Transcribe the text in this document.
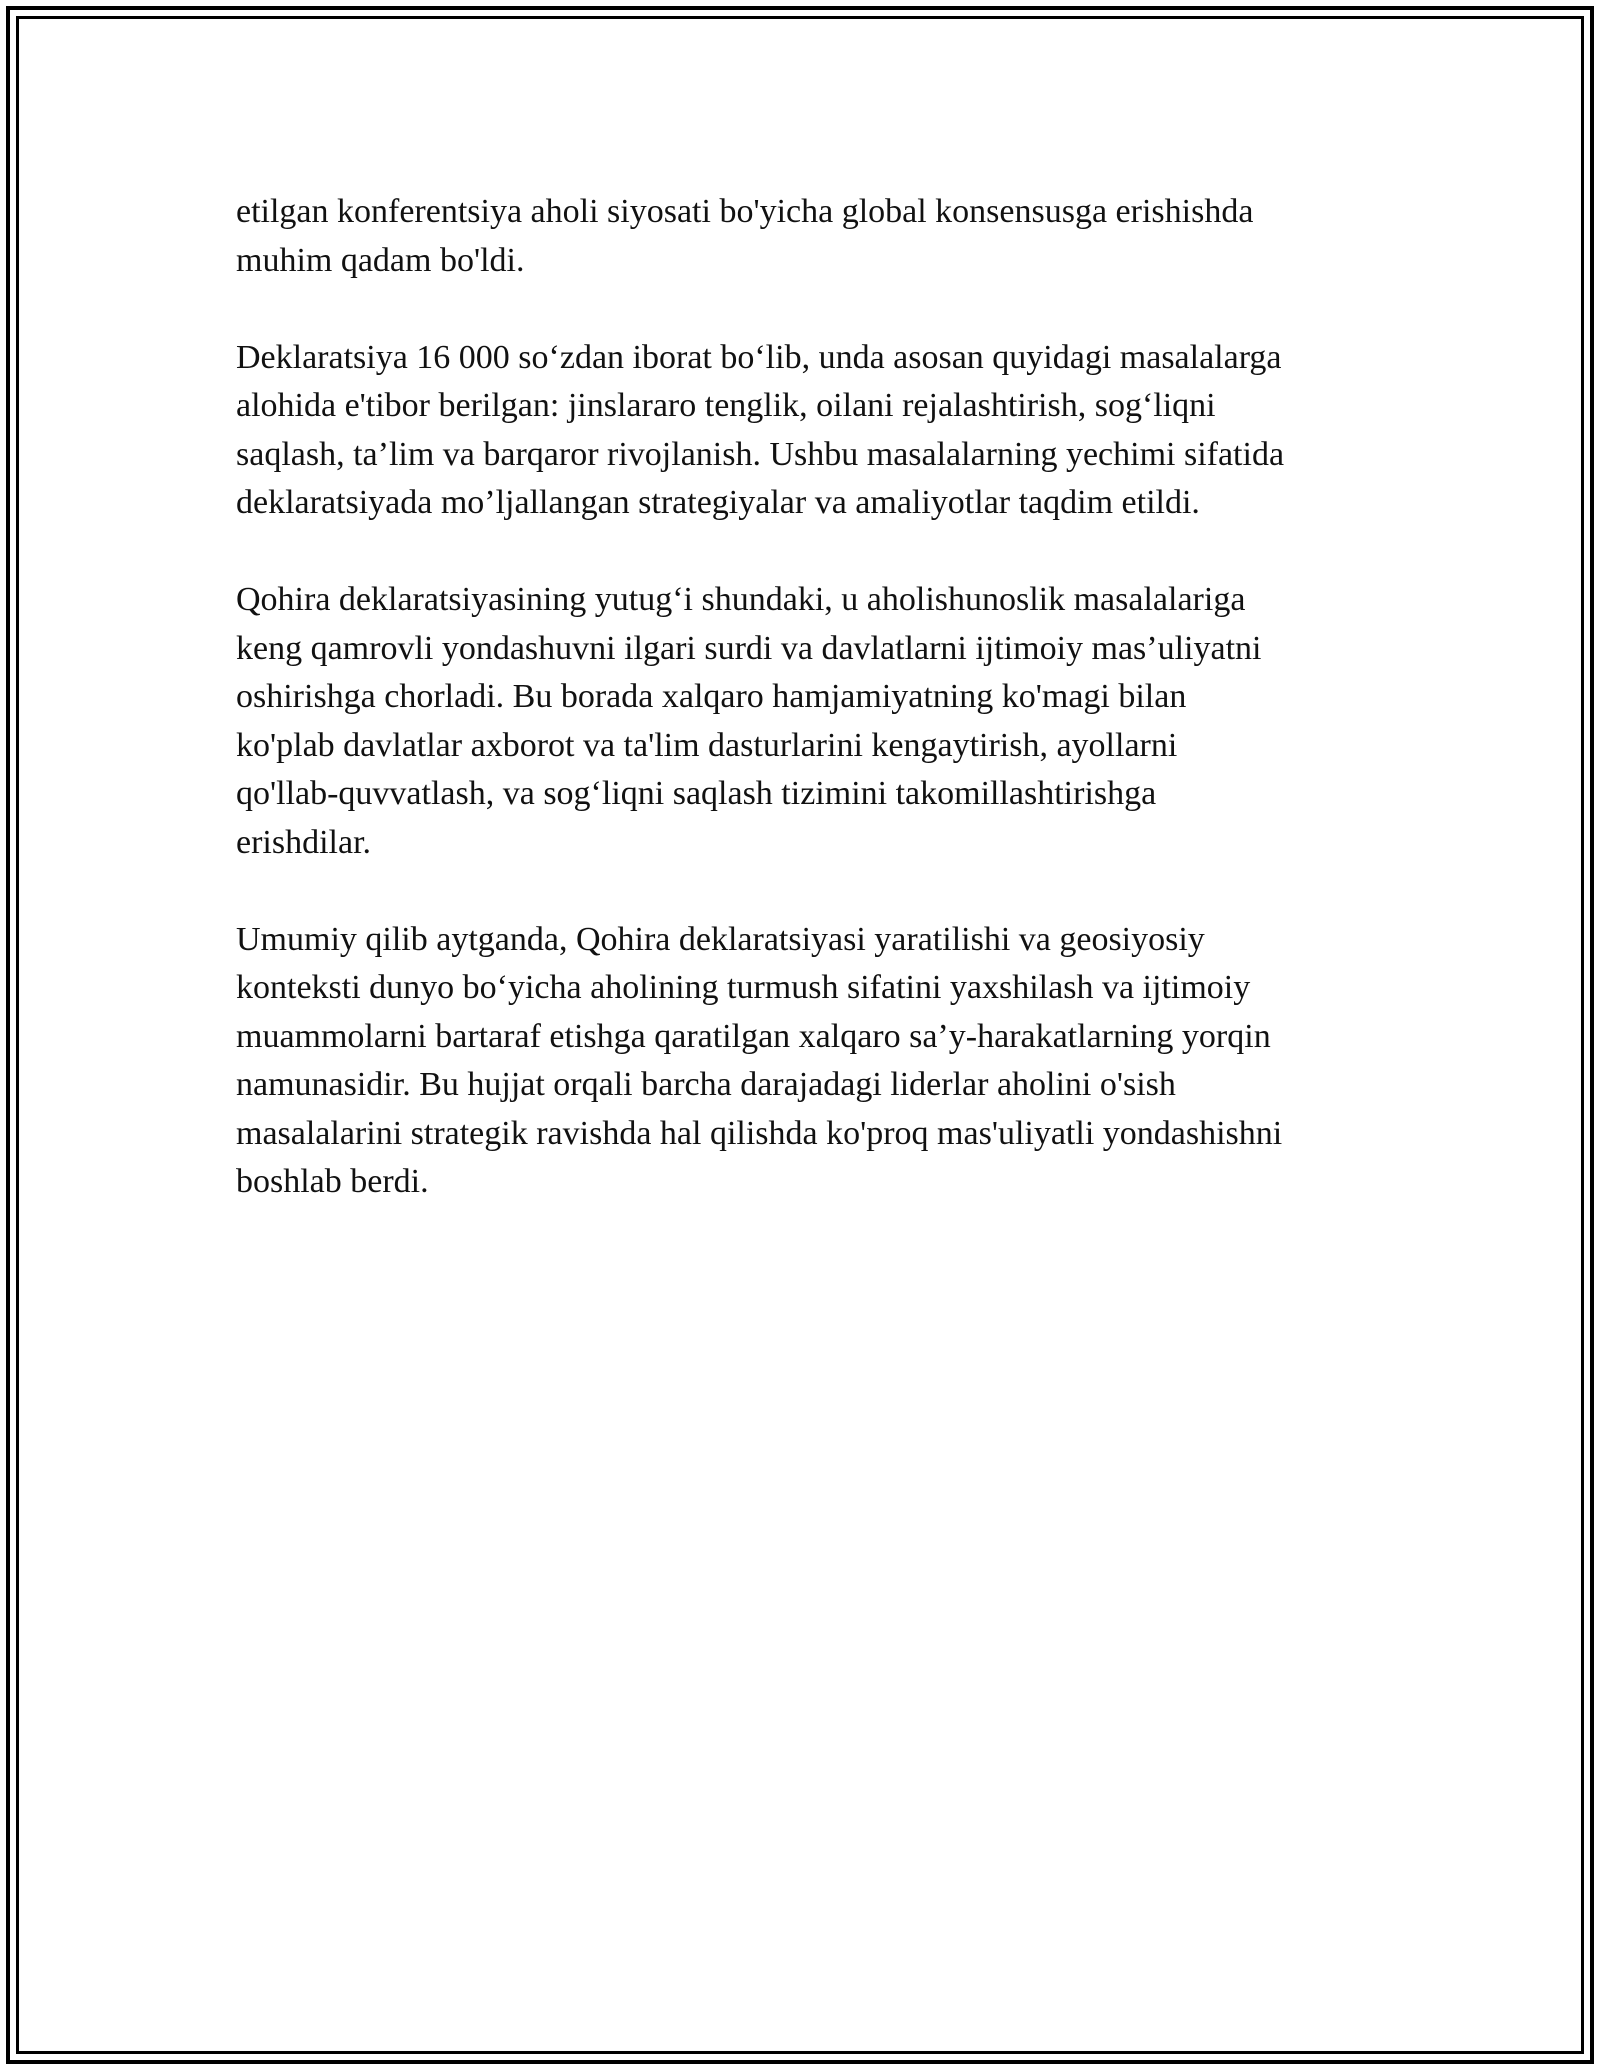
etilgan konferentsiya aholi siyosati bo'yicha global konsensusga erishishda
muhim qadam bo'ldi.

Deklaratsiya 16 000 so‘zdan iborat bo‘lib, unda asosan quyidagi masalalarga
alohida e'tibor berilgan: jinslararo tenglik, oilani rejalashtirish, sog‘liqni
saqlash, ta’lim va barqaror rivojlanish. Ushbu masalalarning yechimi sifatida
deklaratsiyada mo’ljallangan strategiyalar va amaliyotlar taqdim etildi.

Qohira deklaratsiyasining yutug‘i shundaki, u aholishunoslik masalalariga
keng qamrovli yondashuvni ilgari surdi va davlatlarni ijtimoiy mas’uliyatni
oshirishga chorladi. Bu borada xalqaro hamjamiyatning ko'magi bilan
ko'plab davlatlar axborot va ta'lim dasturlarini kengaytirish, ayollarni
qo'llab-quvvatlash, va sog‘liqni saqlash tizimini takomillashtirishga
erishdilar.

Umumiy qilib aytganda, Qohira deklaratsiyasi yaratilishi va geosiyosiy
konteksti dunyo bo‘yicha aholining turmush sifatini yaxshilash va ijtimoiy
muammolarni bartaraf etishga qaratilgan xalqaro sa’y-harakatlarning yorqin
namunasidir. Bu hujjat orqali barcha darajadagi liderlar aholini o'sish
masalalarini strategik ravishda hal qilishda ko'proq mas'uliyatli yondashishni
boshlab berdi.
